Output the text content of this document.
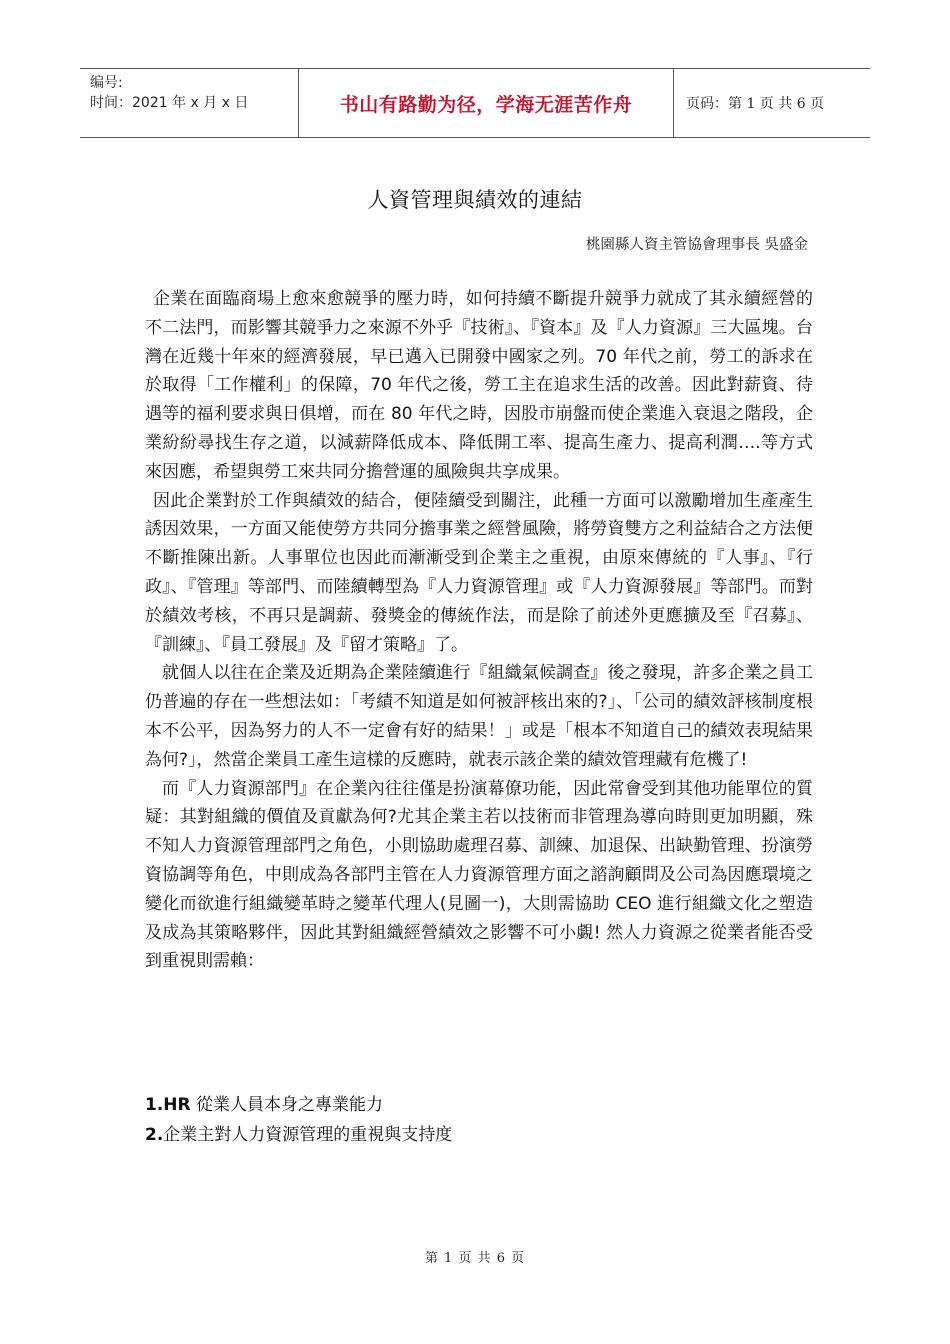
编号:
时间：2021 年 x 月 x 日	书山有路勤为径，学海无涯苦作舟	页码：第 1 页 共 6 页
人資管理與績效的連結
桃園縣人資主管協會理事長 吳盛金

企業在面臨商場上愈來愈競爭的壓力時，如何持續不斷提升競爭力就成了其永續經營的不二法門，而影響其競爭力之來源不外乎『技術』、『資本』及『人力資源』三大區塊。台灣在近幾十年來的經濟發展，早已邁入已開發中國家之列。70 年代之前，勞工的訴求在於取得「工作權利」的保障，70 年代之後，勞工主在追求生活的改善。因此對薪資、待遇等的福利要求與日俱增，而在 80 年代之時，因股市崩盤而使企業進入衰退之階段，企業紛紛尋找生存之道，以減薪降低成本、降低開工率、提高生產力、提高利潤….等方式來因應，希望與勞工來共同分擔營運的風險與共享成果。

因此企業對於工作與績效的結合，便陸續受到關注，此種一方面可以激勵增加生產產生誘因效果，一方面又能使勞方共同分擔事業之經營風險，將勞資雙方之利益結合之方法便不斷推陳出新。人事單位也因此而漸漸受到企業主之重視，由原來傳統的『人事』、『行政』、『管理』等部門、而陸續轉型為『人力資源管理』或『人力資源發展』等部門。而對於績效考核，不再只是調薪、發獎金的傳統作法，而是除了前述外更應擴及至『召募』、『訓練』、『員工發展』及『留才策略』了。

就個人以往在企業及近期為企業陸續進行『組織氣候調查』後之發現，許多企業之員工仍普遍的存在一些想法如：「考績不知道是如何被評核出來的?」、「公司的績效評核制度根本不公平，因為努力的人不一定會有好的結果！」或是「根本不知道自己的績效表現結果為何?」，然當企業員工產生這樣的反應時，就表示該企業的績效管理藏有危機了!

而『人力資源部門』在企業內往往僅是扮演幕僚功能，因此常會受到其他功能單位的質疑：其對組織的價值及貢獻為何?尤其企業主若以技術而非管理為導向時則更加明顯，殊不知人力資源管理部門之角色，小則協助處理召募、訓練、加退保、出缺勤管理、扮演勞資協調等角色，中則成為各部門主管在人力資源管理方面之諮詢顧問及公司為因應環境之變化而欲進行組織變革時之變革代理人(見圖一)，大則需協助 CEO 進行組織文化之塑造及成為其策略夥伴，因此其對組織經營績效之影響不可小覷! 然人力資源之從業者能否受到重視則需賴：

1.HR 從業人員本身之專業能力
2.企業主對人力資源管理的重視與支持度
第 1 页 共 6 页
